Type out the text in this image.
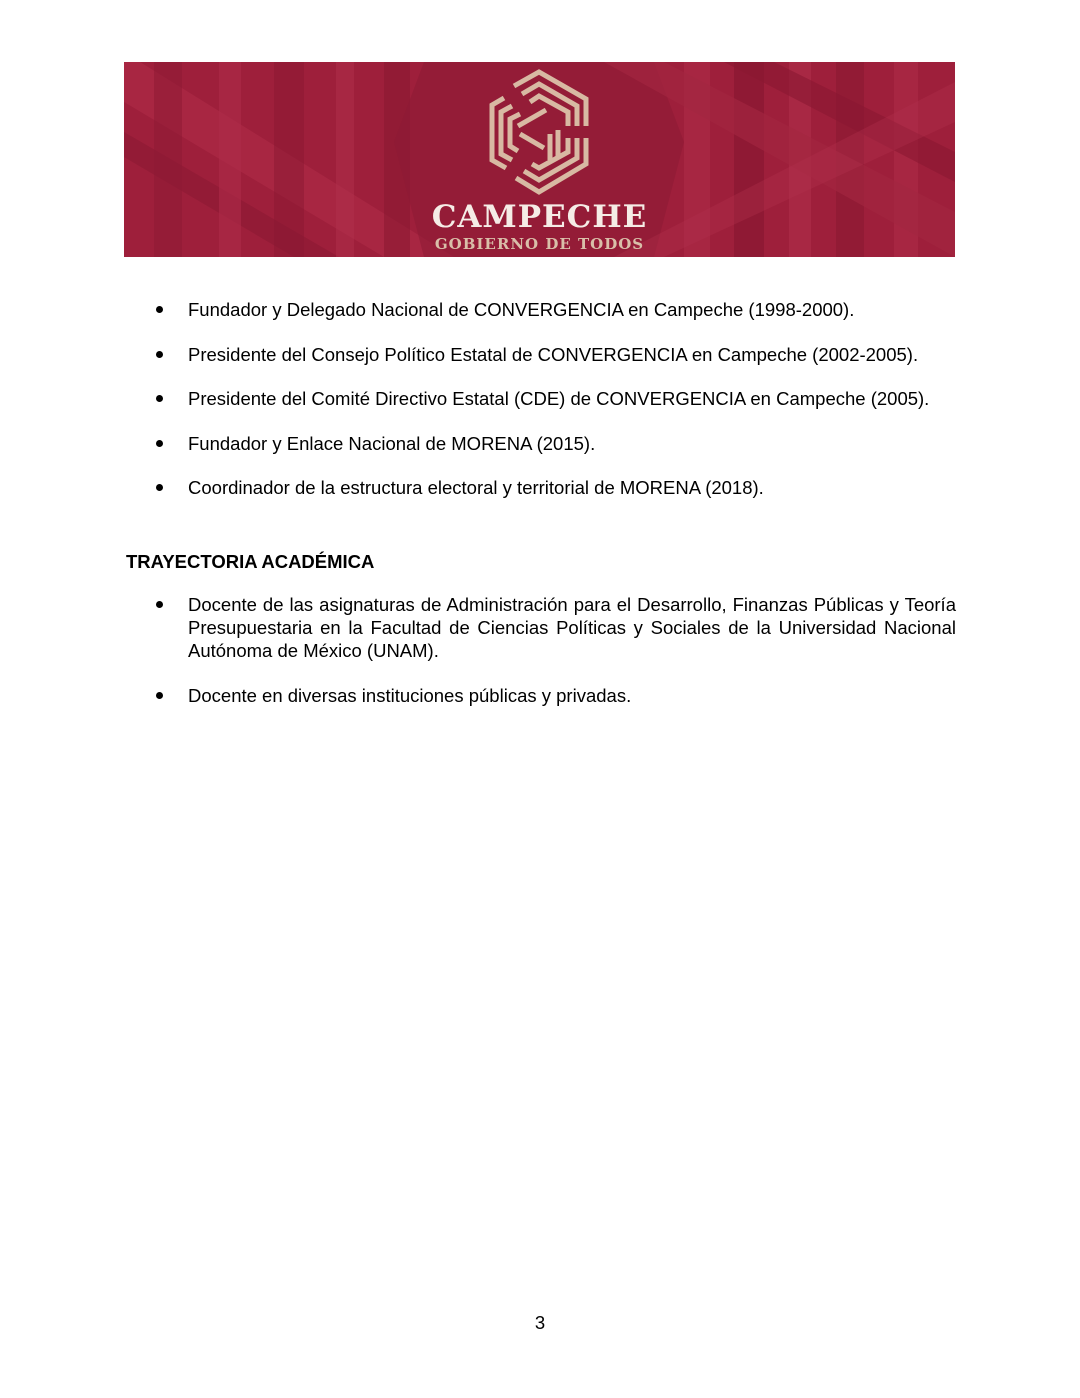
CAMPECHE
GOBIERNO DE TODOS
Fundador y Delegado Nacional de CONVERGENCIA en Campeche (1998-2000).
Presidente del Consejo Político Estatal de CONVERGENCIA en Campeche (2002-2005).
Presidente del Comité Directivo Estatal (CDE) de CONVERGENCIA en Campeche (2005).
Fundador y Enlace Nacional de MORENA (2015).
Coordinador de la estructura electoral y territorial de MORENA (2018).
TRAYECTORIA ACADÉMICA
Docente de las asignaturas de Administración para el Desarrollo, Finanzas Públicas y Teoría Presupuestaria en la Facultad de Ciencias Políticas y Sociales de la Universidad Nacional Autónoma de México (UNAM).
Docente en diversas instituciones públicas y privadas.
3
